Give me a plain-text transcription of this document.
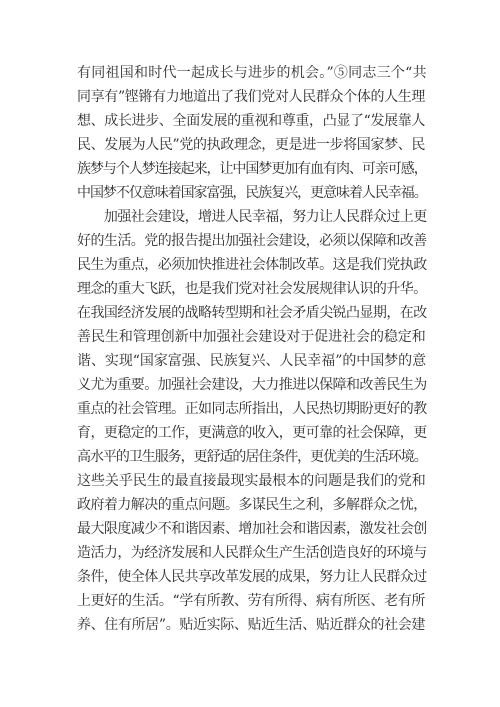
有同祖国和时代一起成长与进步的机会。”⑤同志三个“共
同享有”铿锵有力地道出了我们党对人民群众个体的人生理
想、成长进步、全面发展的重视和尊重，凸显了“发展靠人
民、发展为人民”党的执政理念，更是进一步将国家梦、民
族梦与个人梦连接起来，让中国梦更加有血有肉、可亲可感，
中国梦不仅意味着国家富强，民族复兴，更意味着人民幸福。
　　加强社会建设，增进人民幸福，努力让人民群众过上更
好的生活。党的报告提出加强社会建设，必须以保障和改善
民生为重点，必须加快推进社会体制改革。这是我们党执政
理念的重大飞跃，也是我们党对社会发展规律认识的升华。
在我国经济发展的战略转型期和社会矛盾尖锐凸显期，在改
善民生和管理创新中加强社会建设对于促进社会的稳定和
谐、实现“国家富强、民族复兴、人民幸福”的中国梦的意
义尤为重要。加强社会建设，大力推进以保障和改善民生为
重点的社会管理。正如同志所指出，人民热切期盼更好的教
育，更稳定的工作，更满意的收入，更可靠的社会保障，更
高水平的卫生服务，更舒适的居住条件，更优美的生活环境。
这些关乎民生的最直接最现实最根本的问题是我们的党和
政府着力解决的重点问题。多谋民生之利，多解群众之忧，
最大限度减少不和谐因素、增加社会和谐因素，激发社会创
造活力，为经济发展和人民群众生产生活创造良好的环境与
条件，使全体人民共享改革发展的成果，努力让人民群众过
上更好的生活。“学有所教、劳有所得、病有所医、老有所
养、住有所居”。贴近实际、贴近生活、贴近群众的社会建
